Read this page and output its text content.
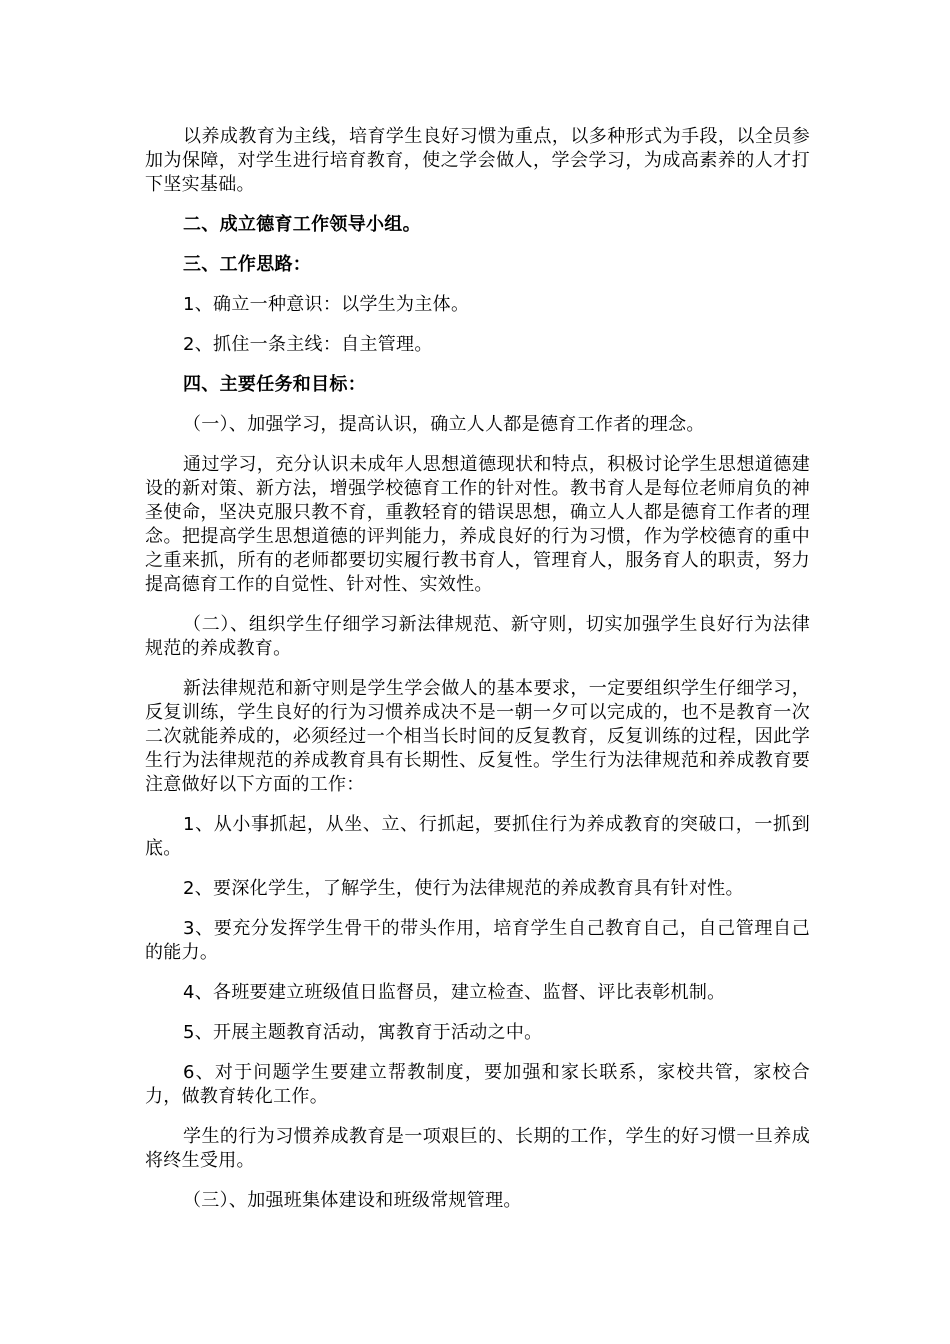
以养成教育为主线，培育学生良好习惯为重点，以多种形式为手段，以全员参加为保障，对学生进行培育教育，使之学会做人，学会学习，为成高素养的人才打下坚实基础。

二、成立德育工作领导小组。

三、工作思路：

1、确立一种意识：以学生为主体。

2、抓住一条主线：自主管理。

四、主要任务和目标：

（一）、加强学习，提高认识，确立人人都是德育工作者的理念。

通过学习，充分认识未成年人思想道德现状和特点，积极讨论学生思想道德建设的新对策、新方法，增强学校德育工作的针对性。教书育人是每位老师肩负的神圣使命，坚决克服只教不育，重教轻育的错误思想，确立人人都是德育工作者的理念。把提高学生思想道德的评判能力，养成良好的行为习惯，作为学校德育的重中之重来抓，所有的老师都要切实履行教书育人，管理育人，服务育人的职责，努力提高德育工作的自觉性、针对性、实效性。

（二）、组织学生仔细学习新法律规范、新守则，切实加强学生良好行为法律规范的养成教育。

新法律规范和新守则是学生学会做人的基本要求，一定要组织学生仔细学习，反复训练，学生良好的行为习惯养成决不是一朝一夕可以完成的，也不是教育一次二次就能养成的，必须经过一个相当长时间的反复教育，反复训练的过程，因此学生行为法律规范的养成教育具有长期性、反复性。学生行为法律规范和养成教育要注意做好以下方面的工作：

1、从小事抓起，从坐、立、行抓起，要抓住行为养成教育的突破口，一抓到底。

2、要深化学生，了解学生，使行为法律规范的养成教育具有针对性。

3、要充分发挥学生骨干的带头作用，培育学生自己教育自己，自己管理自己的能力。

4、各班要建立班级值日监督员，建立检查、监督、评比表彰机制。

5、开展主题教育活动，寓教育于活动之中。

6、对于问题学生要建立帮教制度，要加强和家长联系，家校共管，家校合力，做教育转化工作。

学生的行为习惯养成教育是一项艰巨的、长期的工作，学生的好习惯一旦养成将终生受用。

（三）、加强班集体建设和班级常规管理。
